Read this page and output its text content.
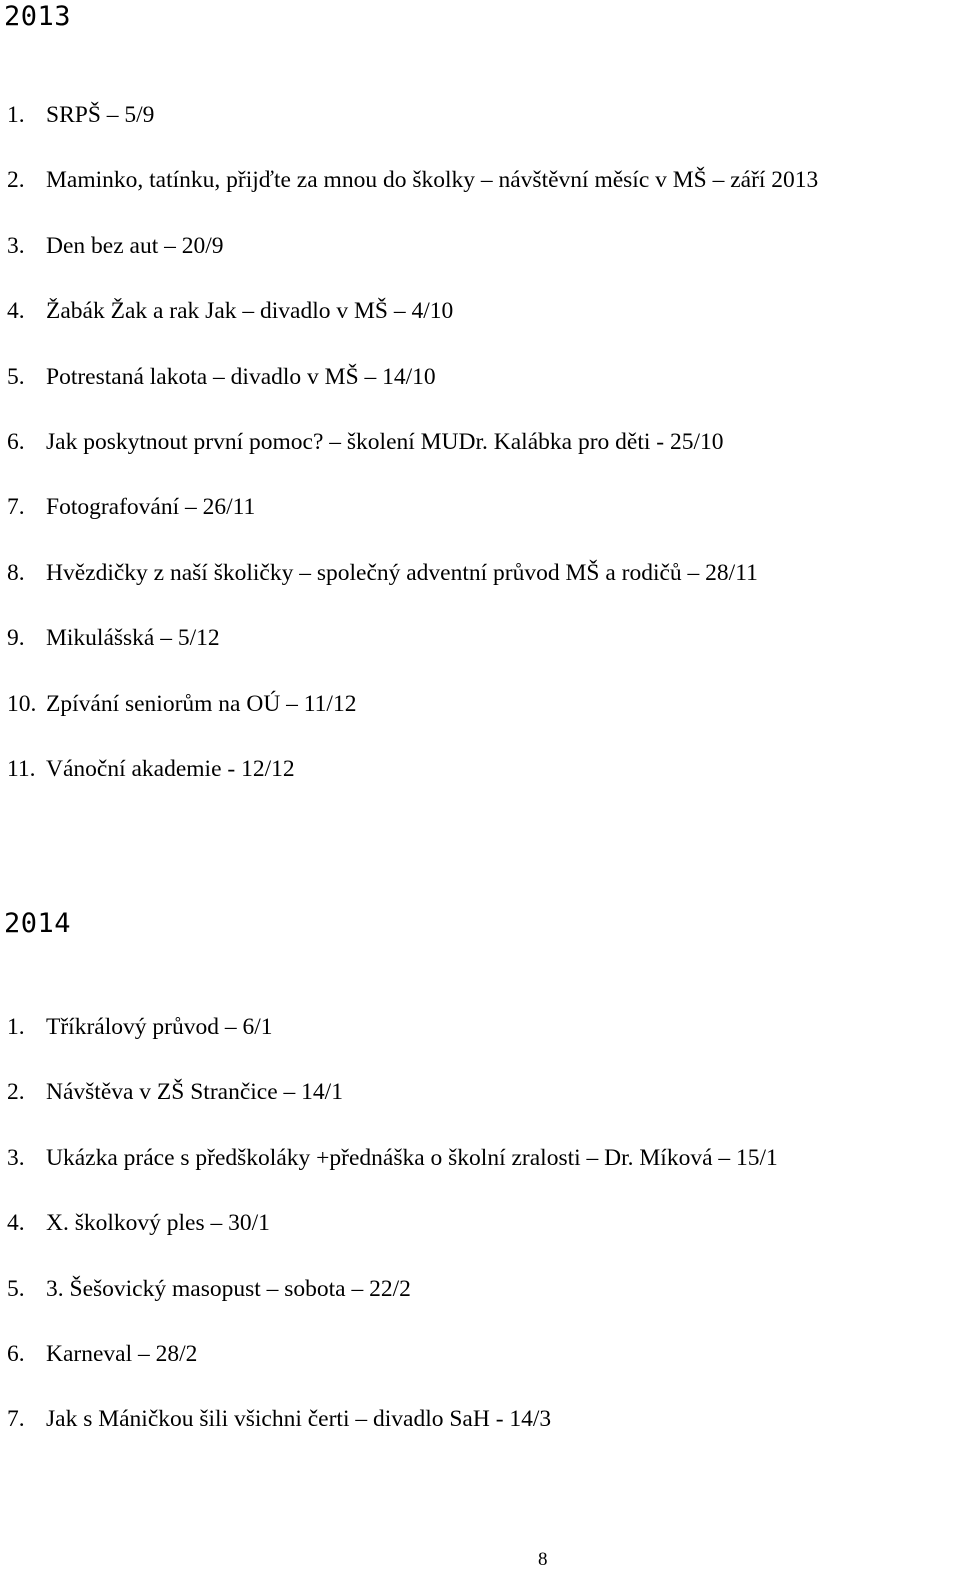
2013
1. SRPŠ – 5/9
2. Maminko, tatínku, přijďte za mnou do školky – návštěvní měsíc v MŠ – září 2013
3. Den bez aut – 20/9
4. Žabák Žak a rak Jak – divadlo v MŠ – 4/10
5. Potrestaná lakota – divadlo v MŠ – 14/10
6. Jak poskytnout první pomoc? – školení MUDr. Kalábka pro děti - 25/10
7. Fotografování – 26/11
8. Hvězdičky z naší školičky – společný adventní průvod MŠ a rodičů – 28/11
9. Mikulášská – 5/12
10. Zpívání seniorům na OÚ – 11/12
11. Vánoční akademie - 12/12
2014
1. Tříkrálový průvod – 6/1
2. Návštěva v ZŠ Strančice – 14/1
3. Ukázka práce s předškoláky +přednáška o školní zralosti – Dr. Míková – 15/1
4. X. školkový ples – 30/1
5. 3. Šešovický masopust – sobota – 22/2
6. Karneval – 28/2
7. Jak s Máničkou šili všichni čerti – divadlo SaH - 14/3
8
